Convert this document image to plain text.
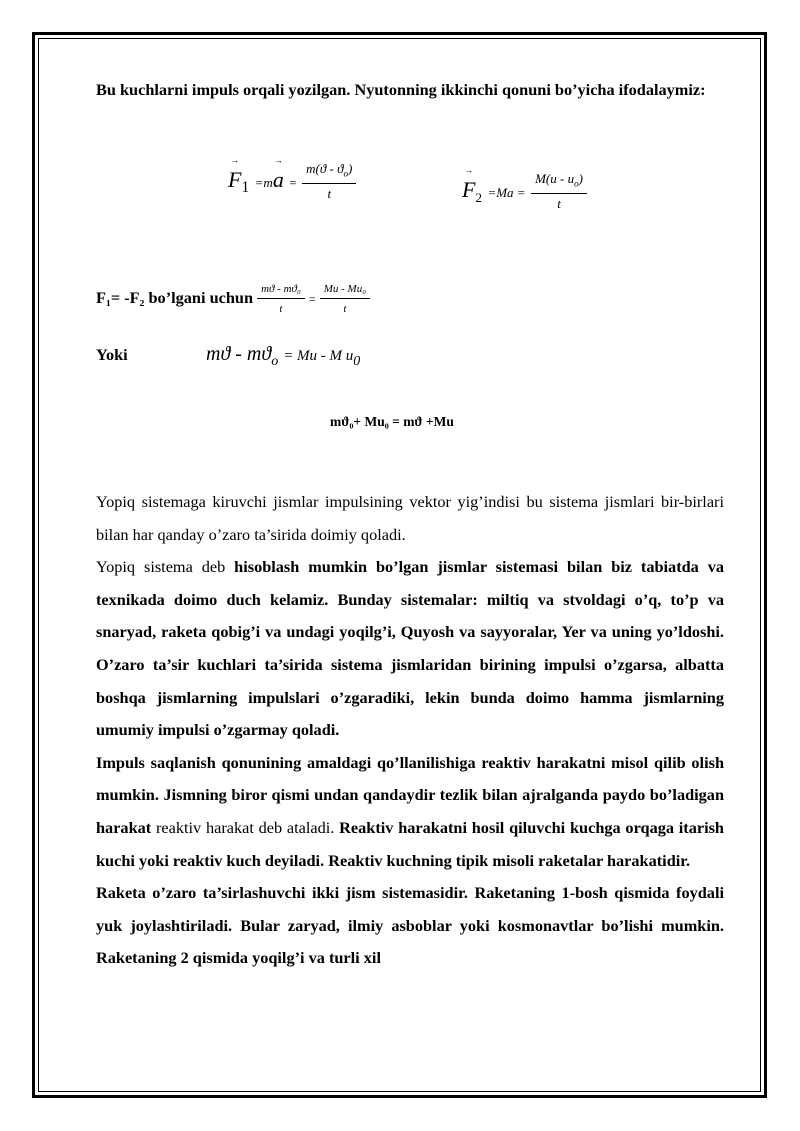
Bu kuchlarni impuls orqali yozilgan. Nyutonning ikkinchi qonuni bo’yicha ifodalaymiz:

→ $F_1 =m\to a = \frac{m(ϑ - ϑ_o)}{t}$
→	$F_2 =Ma = \frac{M(u - u_o)}{t}$
F₁= -F₂ bo’lgani uchun $\frac{\text{mϑ - mϑ₀}}{t} = \frac{\text{Mu - Mu₀}}{t}$
Yoki	$mϑ - mϑ_o = Mu - M$ $u_0$
mϑ₀+ Mu₀ = mϑ +Mu

Yopiq sistemaga kiruvchi jismlar impulsining vektor yig’indisi bu sistema jismlari bir-birlari bilan har qanday o’zaro ta’sirida doimiy qoladi.

Yopiq sistema deb hisoblash mumkin bo’lgan jismlar sistemasi bilan biz tabiatda va texnikada doimo duch kelamiz. Bunday sistemalar: miltiq va stvoldagi o’q, to’p va snaryad, raketa qobig’i va undagi yoqilg’i, Quyosh va sayyoralar, Yer va uning yo’ldoshi. O’zaro ta’sir kuchlari ta’sirida sistema jismlaridan birining impulsi o’zgarsa, albatta boshqa jismlarning impulslari o’zgaradiki, lekin bunda doimo hamma jismlarning umumiy impulsi o’zgarmay qoladi.

Impuls saqlanish qonunining amaldagi qo’llanilishiga reaktiv harakatni misol qilib olish mumkin. Jismning biror qismi undan qandaydir tezlik bilan ajralganda paydo bo’ladigan harakat reaktiv harakat deb ataladi. Reaktiv harakatni hosil qiluvchi kuchga orqaga itarish kuchi yoki reaktiv kuch deyiladi. Reaktiv kuchning tipik misoli raketalar harakatidir.

Raketa o’zaro ta’sirlashuvchi ikki jism sistemasidir. Raketaning 1-bosh qismida foydali yuk joylashtiriladi. Bular zaryad, ilmiy asboblar yoki kosmonavtlar bo’lishi mumkin. Raketaning 2 qismida yoqilg’i va turli xil
